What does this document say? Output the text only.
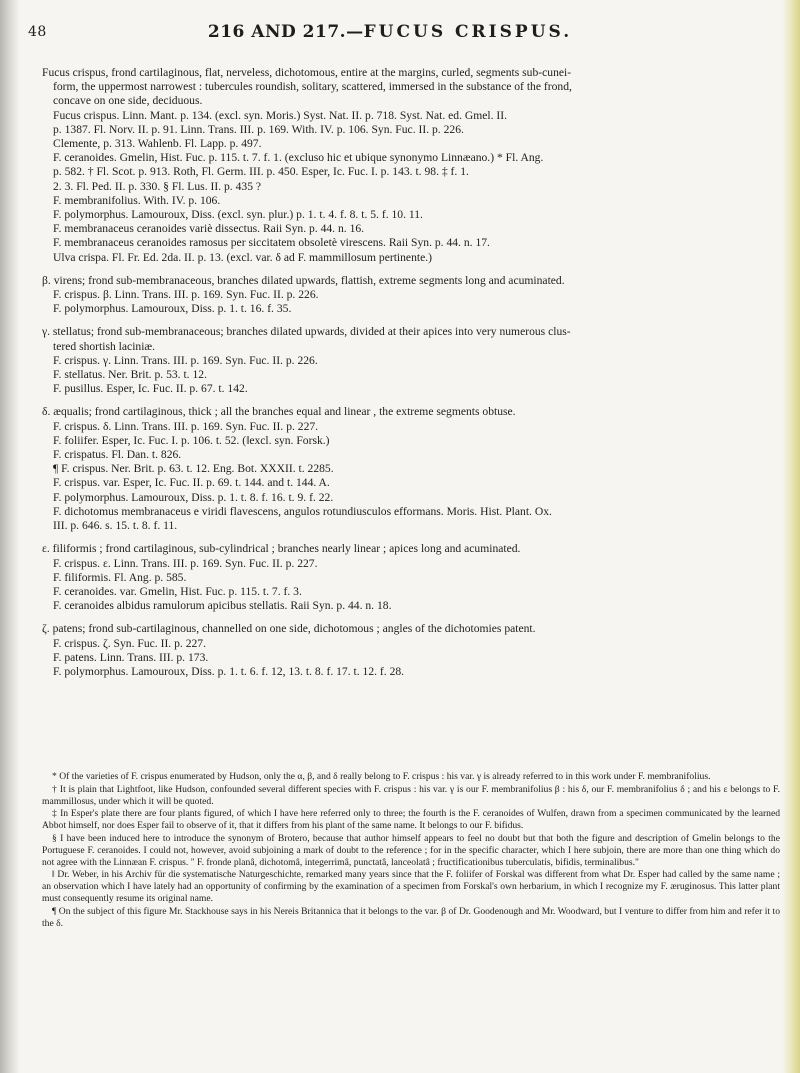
48	216 AND 217.—FUCUS CRISPUS.

Fucus crispus, frond cartilaginous, flat, nerveless, dichotomous, entire at the margins, curled, segments sub-cunei-

form, the uppermost narrowest : tubercules roundish, solitary, scattered, immersed in the substance of the frond,

concave on one side, deciduous.

Fucus crispus. Linn. Mant. p. 134. (excl. syn. Moris.) Syst. Nat. II. p. 718. Syst. Nat. ed. Gmel. II.

p. 1387. Fl. Norv. II. p. 91. Linn. Trans. III. p. 169. With. IV. p. 106. Syn. Fuc. II. p. 226.

Clemente, p. 313. Wahlenb. Fl. Lapp. p. 497.

F. ceranoides. Gmelin, Hist. Fuc. p. 115. t. 7. f. 1. (excluso hic et ubique synonymo Linnæano.) * Fl. Ang.

p. 582. † Fl. Scot. p. 913. Roth, Fl. Germ. III. p. 450. Esper, Ic. Fuc. I. p. 143. t. 98. ‡ f. 1.

2. 3. Fl. Ped. II. p. 330. § Fl. Lus. II. p. 435 ?

F. membranifolius. With. IV. p. 106.

F. polymorphus. Lamouroux, Diss. (excl. syn. plur.) p. 1. t. 4. f. 8. t. 5. f. 10. 11.

F. membranaceus ceranoides variè dissectus. Raii Syn. p. 44. n. 16.

F. membranaceus ceranoides ramosus per siccitatem obsoletè virescens. Raii Syn. p. 44. n. 17.

Ulva crispa. Fl. Fr. Ed. 2da. II. p. 13. (excl. var. δ ad F. mammillosum pertinente.)

β. virens; frond sub-membranaceous, branches dilated upwards, flattish, extreme segments long and acuminated.

F. crispus. β. Linn. Trans. III. p. 169. Syn. Fuc. II. p. 226.

F. polymorphus. Lamouroux, Diss. p. 1. t. 16. f. 35.

γ. stellatus; frond sub-membranaceous; branches dilated upwards, divided at their apices into very numerous clus-

tered shortish laciniæ.

F. crispus. γ. Linn. Trans. III. p. 169. Syn. Fuc. II. p. 226.

F. stellatus. Ner. Brit. p. 53. t. 12.

F. pusillus. Esper, Ic. Fuc. II. p. 67. t. 142.

δ. æqualis; frond cartilaginous, thick ; all the branches equal and linear , the extreme segments obtuse.

F. crispus. δ. Linn. Trans. III. p. 169. Syn. Fuc. II. p. 227.

F. foliifer. Esper, Ic. Fuc. I. p. 106. t. 52. (‖excl. syn. Forsk.)

F. crispatus. Fl. Dan. t. 826.

¶ F. crispus. Ner. Brit. p. 63. t. 12. Eng. Bot. XXXII. t. 2285.

F. crispus. var. Esper, Ic. Fuc. II. p. 69. t. 144. and t. 144. A.

F. polymorphus. Lamouroux, Diss. p. 1. t. 8. f. 16. t. 9. f. 22.

F. dichotomus membranaceus e viridi flavescens, angulos rotundiusculos efformans. Moris. Hist. Plant. Ox.

III. p. 646. s. 15. t. 8. f. 11.

ε. filiformis ; frond cartilaginous, sub-cylindrical ; branches nearly linear ; apices long and acuminated.

F. crispus. ε. Linn. Trans. III. p. 169. Syn. Fuc. II. p. 227.

F. filiformis. Fl. Ang. p. 585.

F. ceranoides. var. Gmelin, Hist. Fuc. p. 115. t. 7. f. 3.

F. ceranoides albidus ramulorum apicibus stellatis. Raii Syn. p. 44. n. 18.

ζ. patens; frond sub-cartilaginous, channelled on one side, dichotomous ; angles of the dichotomies patent.

F. crispus. ζ. Syn. Fuc. II. p. 227.

F. patens. Linn. Trans. III. p. 173.

F. polymorphus. Lamouroux, Diss. p. 1. t. 6. f. 12, 13. t. 8. f. 17. t. 12. f. 28.

* Of the varieties of F. crispus enumerated by Hudson, only the α, β, and δ really belong to F. crispus : his var. γ is already referred to in this work under F. membranifolius.

† It is plain that Lightfoot, like Hudson, confounded several different species with F. crispus : his var. γ is our F. membranifolius β : his δ, our F. membranifolius δ ; and his ε belongs to F. mammillosus, under which it will be quoted.

‡ In Esper's plate there are four plants figured, of which I have here referred only to three; the fourth is the F. ceranoides of Wulfen, drawn from a specimen communicated by the learned Abbot himself, nor does Esper fail to observe of it, that it differs from his plant of the same name. It belongs to our F. bifidus.

§ I have been induced here to introduce the synonym of Brotero, because that author himself appears to feel no doubt but that both the figure and description of Gmelin belongs to the Portuguese F. ceranoides. I could not, however, avoid subjoining a mark of doubt to the reference ; for in the specific character, which I here subjoin, there are more than one thing which do not agree with the Linnæan F. crispus. " F. fronde planâ, dichotomâ, integerrimâ, punctatâ, lanceolatâ ; fructificationibus tuberculatis, bifidis, terminalibus."

‖ Dr. Weber, in his Archiv für die systematische Naturgeschichte, remarked many years since that the F. foliifer of Forskal was different from what Dr. Esper had called by the same name ; an observation which I have lately had an opportunity of confirming by the examination of a specimen from Forskal's own herbarium, in which I recognize my F. æruginosus. This latter plant must consequently resume its original name.

¶ On the subject of this figure Mr. Stackhouse says in his Nereis Britannica that it belongs to the var. β of Dr. Goodenough and Mr. Woodward, but I venture to differ from him and refer it to the δ.
